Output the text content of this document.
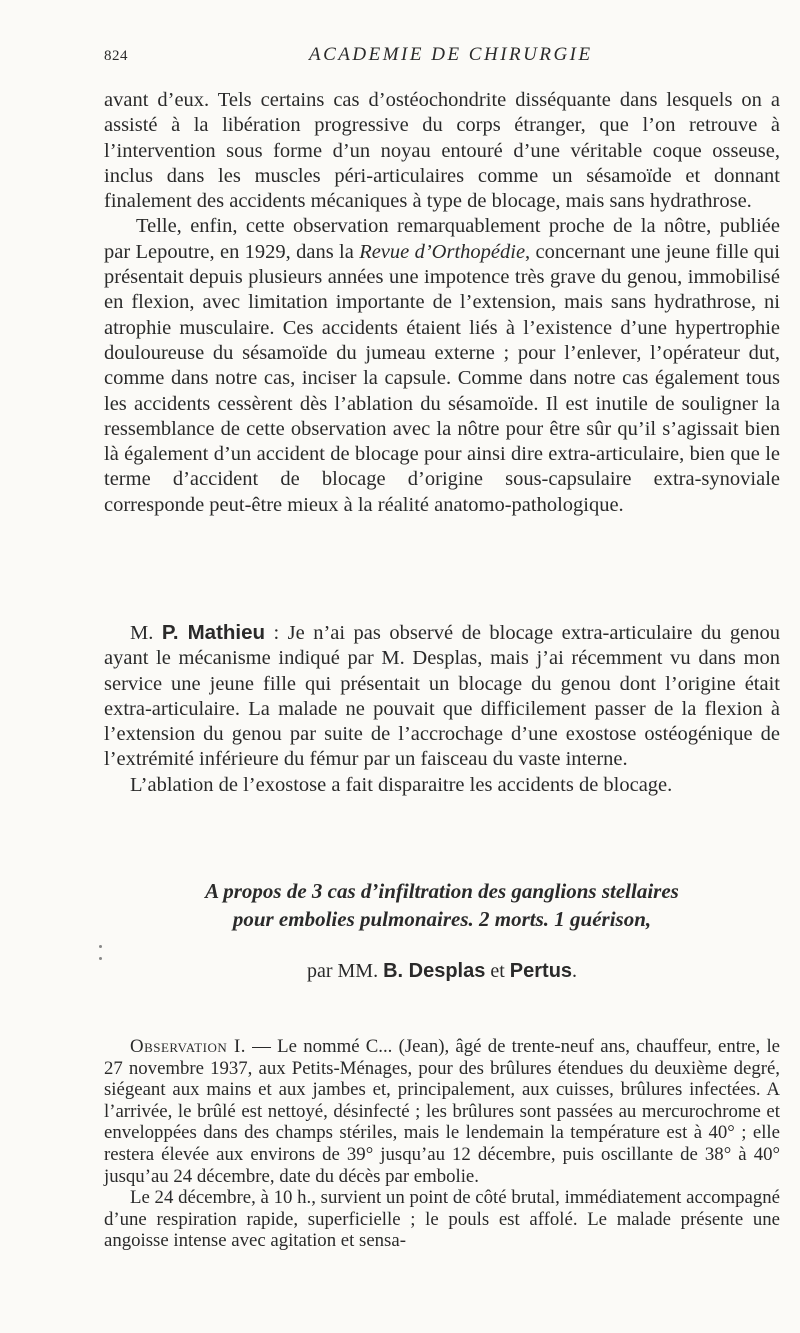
824	ACADEMIE DE CHIRURGIE

avant d’eux. Tels certains cas d’ostéochondrite disséquante dans lesquels on a assisté à la libération progressive du corps étranger, que l’on retrouve à l’intervention sous forme d’un noyau entouré d’une véritable coque osseuse, inclus dans les muscles péri-articulaires comme un sésamoïde et donnant finalement des accidents mécaniques à type de blocage, mais sans hydrathrose.

Telle, enfin, cette observation remarquablement proche de la nôtre, publiée par Lepoutre, en 1929, dans la Revue d’Orthopédie, concernant une jeune fille qui présentait depuis plusieurs années une impotence très grave du genou, immobilisé en flexion, avec limitation importante de l’extension, mais sans hydrathrose, ni atrophie musculaire. Ces accidents étaient liés à l’existence d’une hypertrophie douloureuse du sésamoïde du jumeau externe ; pour l’enlever, l’opérateur dut, comme dans notre cas, inciser la capsule. Comme dans notre cas également tous les accidents cessèrent dès l’ablation du sésamoïde. Il est inutile de souligner la ressemblance de cette observation avec la nôtre pour être sûr qu’il s’agissait bien là également d’un accident de blocage pour ainsi dire extra-articulaire, bien que le terme d’accident de blocage d’origine sous-capsulaire extra-synoviale corresponde peut-être mieux à la réalité anatomo-pathologique.

M. P. Mathieu : Je n’ai pas observé de blocage extra-articulaire du genou ayant le mécanisme indiqué par M. Desplas, mais j’ai récemment vu dans mon service une jeune fille qui présentait un blocage du genou dont l’origine était extra-articulaire. La malade ne pouvait que difficilement passer de la flexion à l’extension du genou par suite de l’accrochage d’une exostose ostéogénique de l’extrémité inférieure du fémur par un faisceau du vaste interne.

L’ablation de l’exostose a fait disparaitre les accidents de blocage.

A propos de 3 cas d’infiltration des ganglions stellaires
pour embolies pulmonaires. 2 morts. 1 guérison,
par MM. B. Desplas et Pertus.

Observation I. — Le nommé C... (Jean), âgé de trente-neuf ans, chauffeur, entre, le 27 novembre 1937, aux Petits-Ménages, pour des brûlures étendues du deuxième degré, siégeant aux mains et aux jambes et, principalement, aux cuisses, brûlures infectées. A l’arrivée, le brûlé est nettoyé, désinfecté ; les brûlures sont passées au mercurochrome et enveloppées dans des champs stériles, mais le lendemain la température est à 40° ; elle restera élevée aux environs de 39° jusqu’au 12 décembre, puis oscillante de 38° à 40° jusqu’au 24 décembre, date du décès par embolie.

Le 24 décembre, à 10 h., survient un point de côté brutal, immédiatement accompagné d’une respiration rapide, superficielle ; le pouls est affolé. Le malade présente une angoisse intense avec agitation et sensa-
